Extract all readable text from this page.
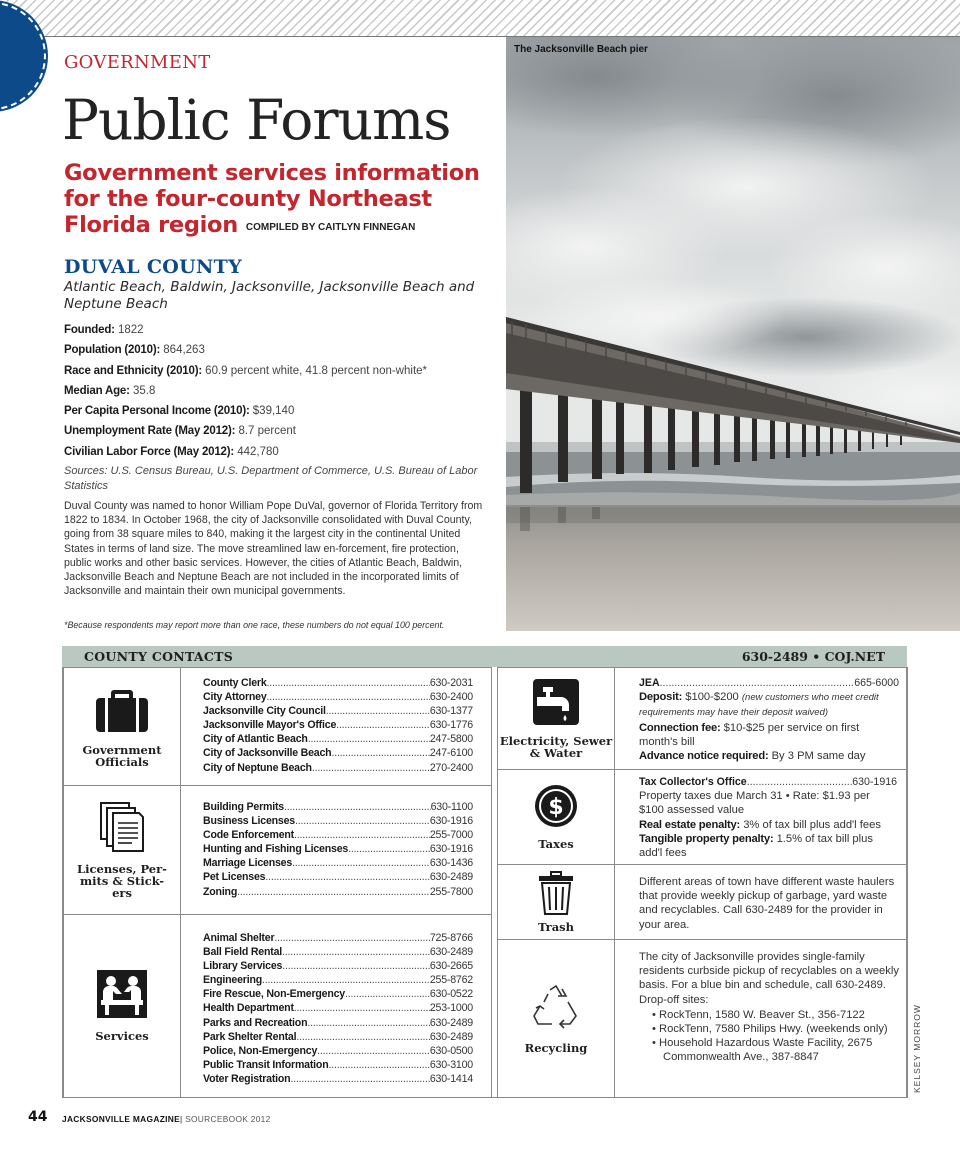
GOVERNMENT
Public Forums
Government services information for the four-county Northeast Florida region COMPILED BY CAITLYN FINNEGAN
DUVAL COUNTY
Atlantic Beach, Baldwin, Jacksonville, Jacksonville Beach and Neptune Beach
Founded: 1822
Population (2010): 864,263
Race and Ethnicity (2010): 60.9 percent white, 41.8 percent non-white*
Median Age: 35.8
Per Capita Personal Income (2010): $39,140
Unemployment Rate (May 2012): 8.7 percent
Civilian Labor Force (May 2012): 442,780
Sources: U.S. Census Bureau, U.S. Department of Commerce, U.S. Bureau of Labor Statistics
Duval County was named to honor William Pope DuVal, governor of Florida Territory from 1822 to 1834. In October 1968, the city of Jacksonville consolidated with Duval County, going from 38 square miles to 840, making it the largest city in the continental United States in terms of land size. The move streamlined law en-forcement, fire protection, public works and other basic services. However, the cities of Atlantic Beach, Baldwin, Jacksonville Beach and Neptune Beach are not included in the incorporated limits of Jacksonville and maintain their own municipal governments.
*Because respondents may report more than one race, these numbers do not equal 100 percent.
The Jacksonville Beach pier
KELSEY MORROW
COUNTY CONTACTS	630-2489 • COJ.NET
Government Officials
County Clerk .....	630-2031
City Attorney .....	630-2400
Jacksonville City Council .....	630-1377
Jacksonville Mayor's Office .....	630-1776
City of Atlantic Beach .....	247-5800
City of Jacksonville Beach .....	247-6100
City of Neptune Beach .....	270-2400
Licenses, Per-mits & Stick-ers
Building Permits .....	630-1100
Business Licenses .....	630-1916
Code Enforcement .....	255-7000
Hunting and Fishing Licenses .....	630-1916
Marriage Licenses .....	630-1436
Pet Licenses .....	630-2489
Zoning .....	255-7800
Services
Animal Shelter .....	725-8766
Ball Field Rental .....	630-2489
Library Services .....	630-2665
Engineering .....	255-8762
Fire Rescue, Non-Emergency .....	630-0522
Health Department .....	253-1000
Parks and Recreation .....	630-2489
Park Shelter Rental .....	630-2489
Police, Non-Emergency .....	630-0500
Public Transit Information .....	630-3100
Voter Registration .....	630-1414
Electricity, Sewer & Water
JEA .....	665-6000
Deposit: $100-$200 (new customers who meet credit requirements may have their deposit waived)
Connection fee: $10-$25 per service on first month's bill
Advance notice required: By 3 PM same day
$
Taxes
Tax Collector's Office .....	630-1916
Property taxes due March 31 • Rate: $1.93 per $100 assessed value
Real estate penalty: 3% of tax bill plus add'l fees
Tangible property penalty: 1.5% of tax bill plus add'l fees
Trash
Different areas of town have different waste haulers that provide weekly pickup of garbage, yard waste and recyclables. Call 630-2489 for the provider in your area.
Recycling
The city of Jacksonville provides single-family residents curbside pickup of recyclables on a weekly basis. For a blue bin and schedule, call 630-2489. Drop-off sites:
• RockTenn, 1580 W. Beaver St., 356-7122
• RockTenn, 7580 Philips Hwy. (weekends only)
• Household Hazardous Waste Facility, 2675 Commonwealth Ave., 387-8847
44 JACKSONVILLE MAGAZINE| SOURCEBOOK 2012
